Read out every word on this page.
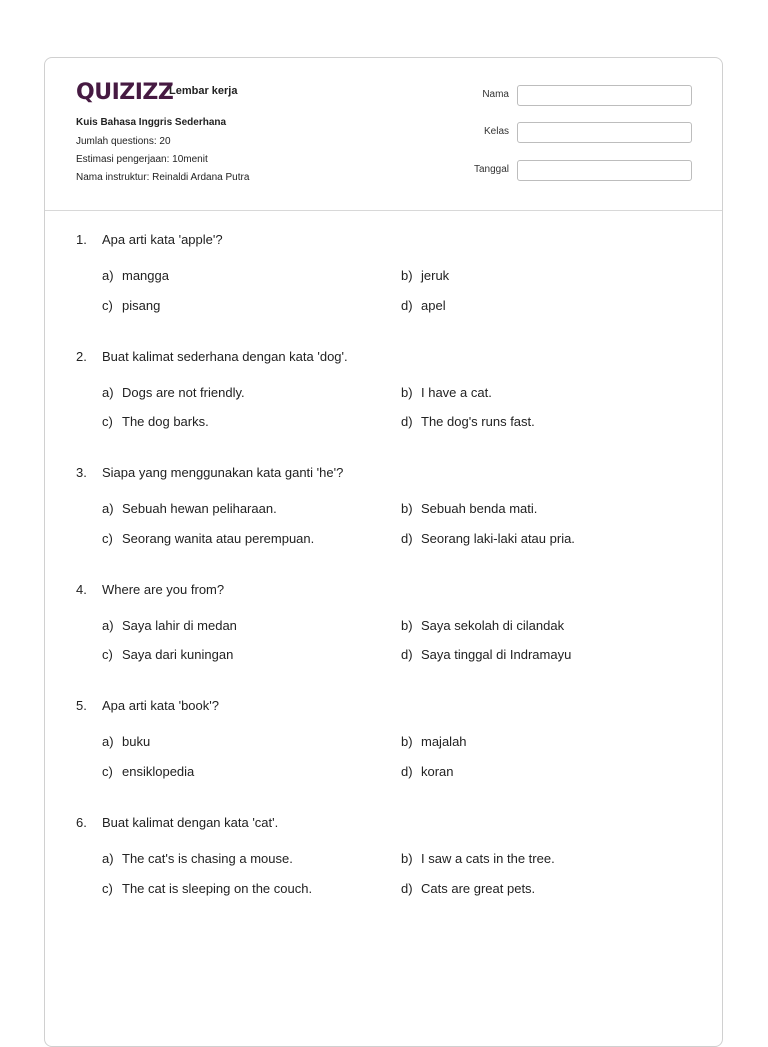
QUIZIZZ
Lembar kerja
Kuis Bahasa Inggris Sederhana
Jumlah questions: 20
Estimasi pengerjaan: 10menit
Nama instruktur: Reinaldi Ardana Putra
Nama
Kelas
Tanggal
1. Apa arti kata 'apple'?
a) mangga	b) jeruk
c) pisang	d) apel
2. Buat kalimat sederhana dengan kata 'dog'.
a) Dogs are not friendly.	b) I have a cat.
c) The dog barks.	d) The dog's runs fast.
3. Siapa yang menggunakan kata ganti 'he'?
a) Sebuah hewan peliharaan.	b) Sebuah benda mati.
c) Seorang wanita atau perempuan.	d) Seorang laki-laki atau pria.
4. Where are you from?
a) Saya lahir di medan	b) Saya sekolah di cilandak
c) Saya dari kuningan	d) Saya tinggal di Indramayu
5. Apa arti kata 'book'?
a) buku	b) majalah
c) ensiklopedia	d) koran
6. Buat kalimat dengan kata 'cat'.
a) The cat's is chasing a mouse.	b) I saw a cats in the tree.
c) The cat is sleeping on the couch.	d) Cats are great pets.
